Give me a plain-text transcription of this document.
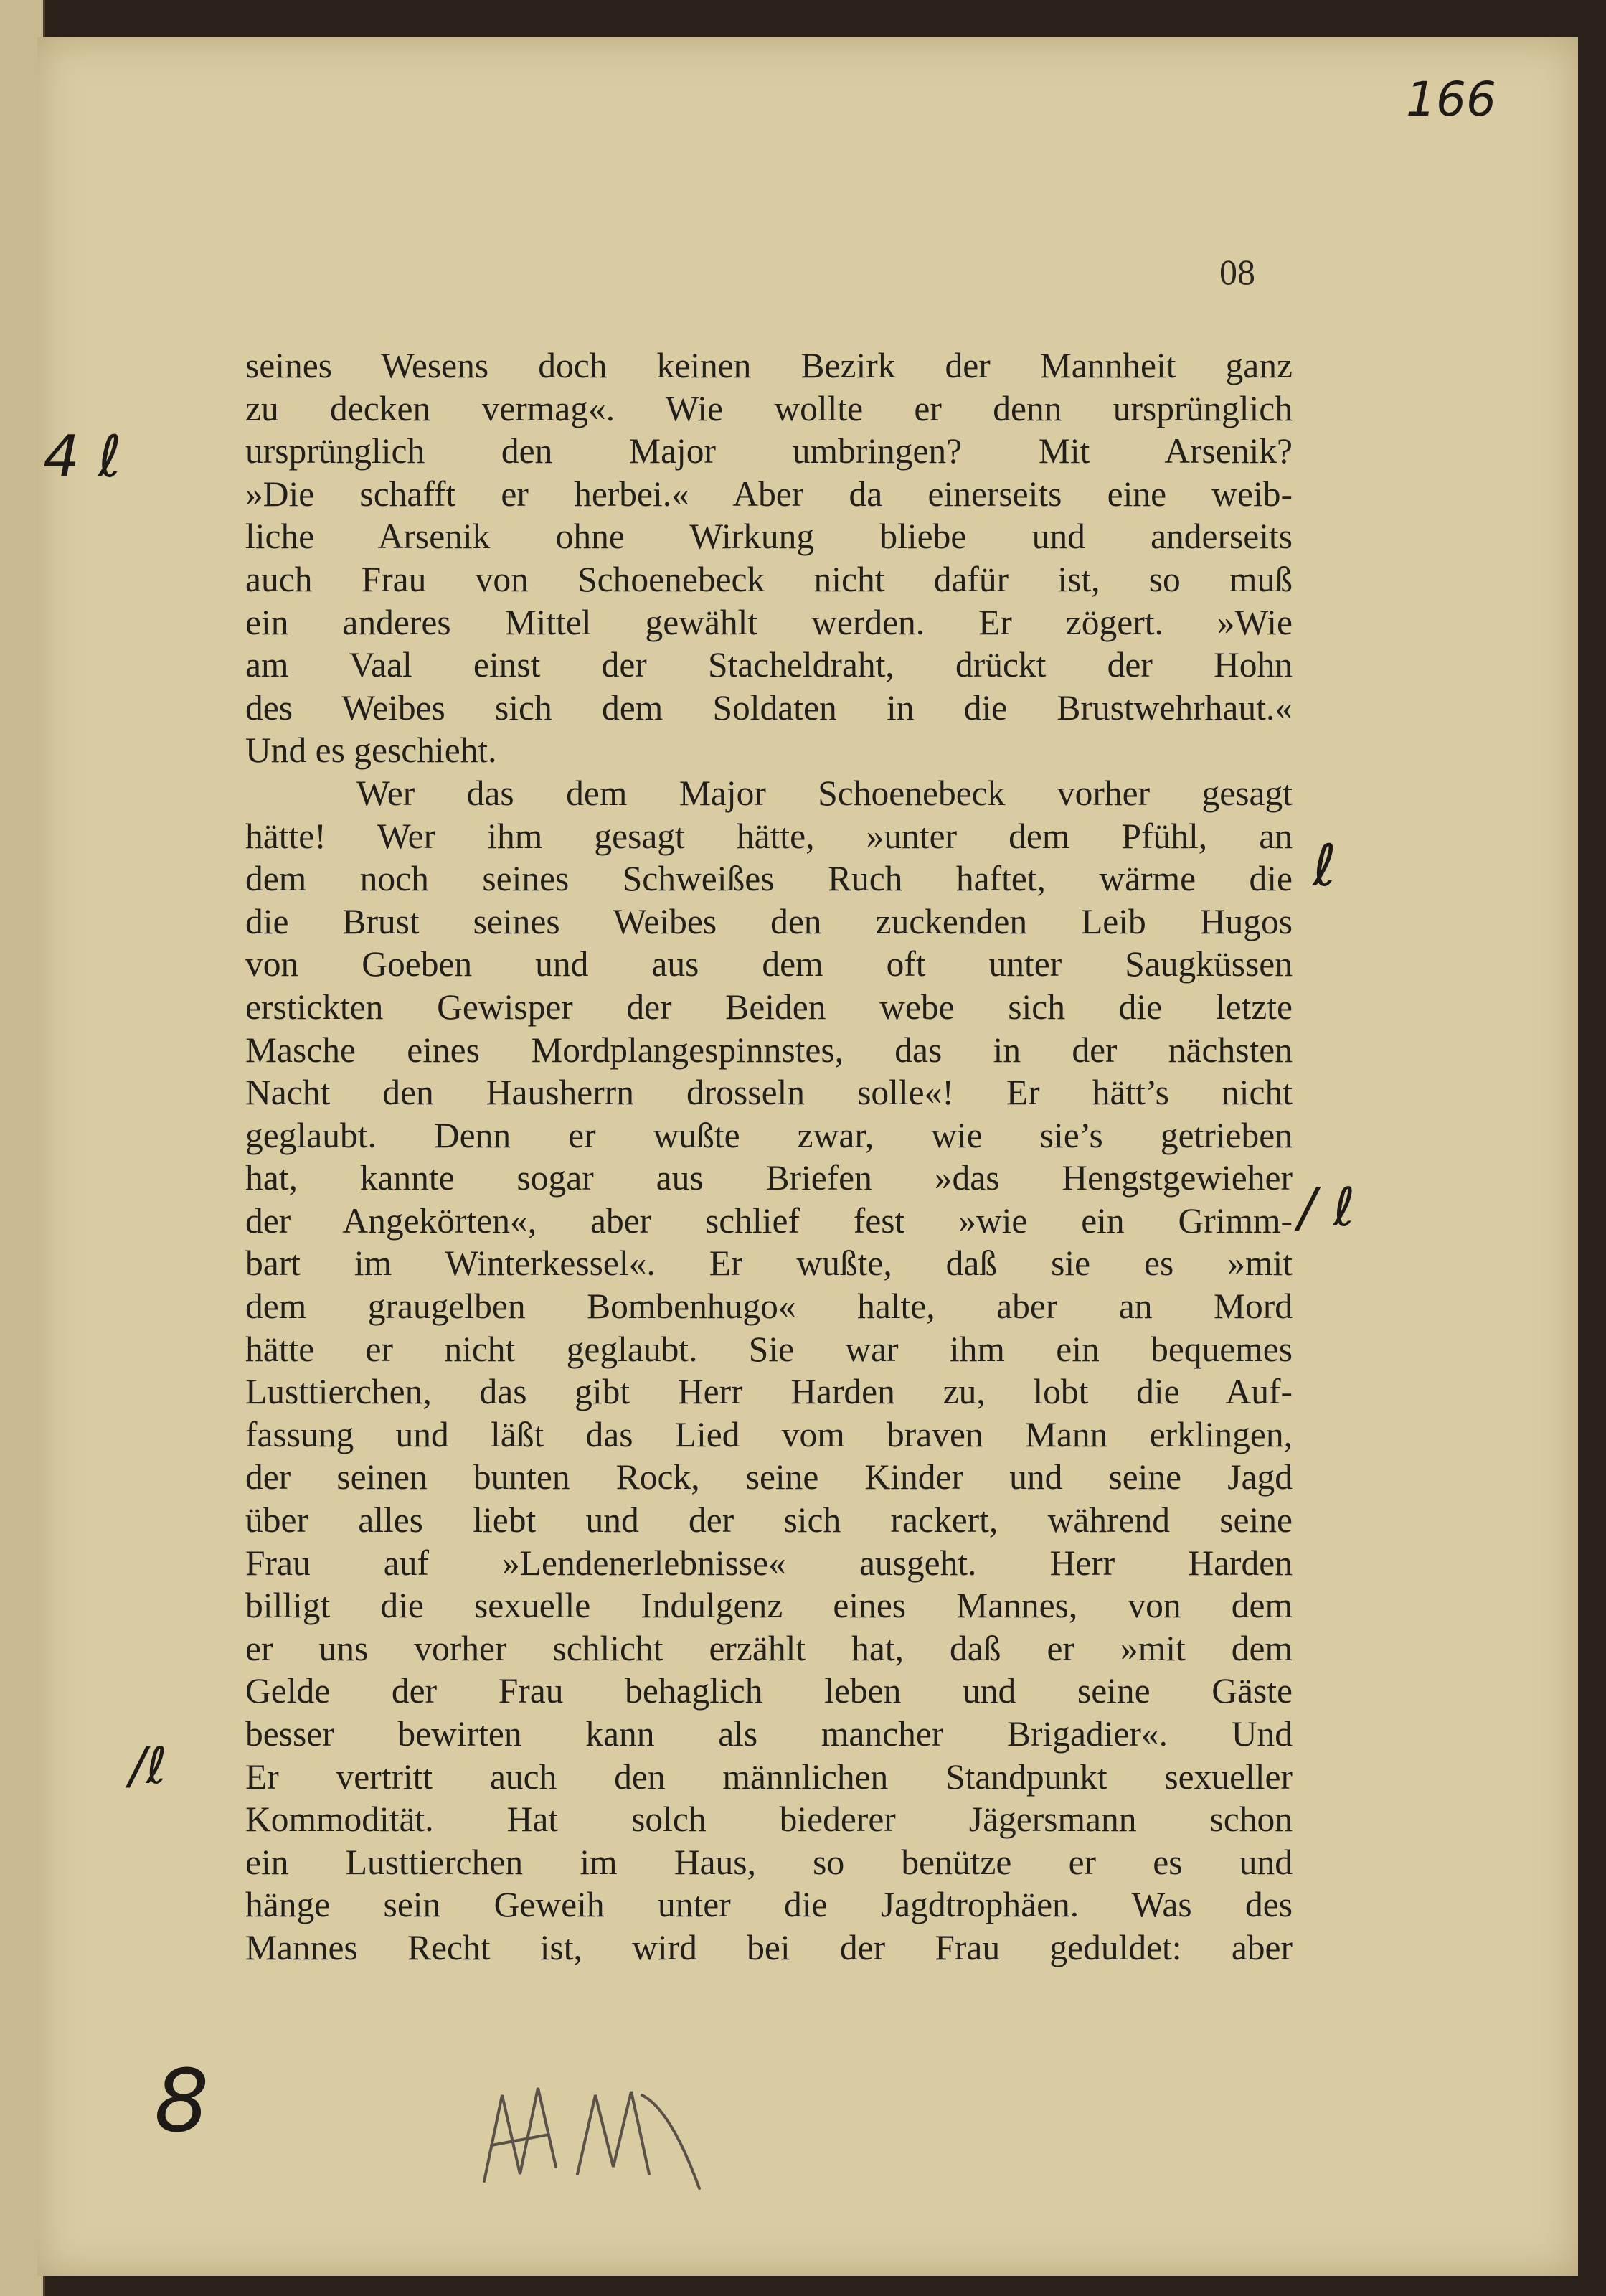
166
08
4 ℓ
ℓ
/ ℓ
/ℓ
8
seines Wesens doch keinen Bezirk der Mannheit ganz
zu decken vermag«. Wie wollte er denn ursprünglich
ursprünglich den Major umbringen? Mit Arsenik?
»Die schafft er herbei.« Aber da einerseits eine weib-
liche Arsenik ohne Wirkung bliebe und anderseits
auch Frau von Schoenebeck nicht dafür ist, so muß
ein anderes Mittel gewählt werden. Er zögert. »Wie
am Vaal einst der Stacheldraht, drückt der Hohn
des Weibes sich dem Soldaten in die Brustwehrhaut.«
Und es geschieht.
Wer das dem Major Schoenebeck vorher gesagt
hätte! Wer ihm gesagt hätte, »unter dem Pfühl, an
dem noch seines Schweißes Ruch haftet, wärme die
die Brust seines Weibes den zuckenden Leib Hugos
von Goeben und aus dem oft unter Saugküssen
erstickten Gewisper der Beiden webe sich die letzte
Masche eines Mordplangespinnstes, das in der nächsten
Nacht den Hausherrn drosseln solle«! Er hätt’s nicht
geglaubt. Denn er wußte zwar, wie sie’s getrieben
hat, kannte sogar aus Briefen »das Hengstgewieher
der Angekörten«, aber schlief fest »wie ein Grimm-
bart im Winterkessel«. Er wußte, daß sie es »mit
dem graugelben Bombenhugo« halte, aber an Mord
hätte er nicht geglaubt. Sie war ihm ein bequemes
Lusttierchen, das gibt Herr Harden zu, lobt die Auf-
fassung und läßt das Lied vom braven Mann erklingen,
der seinen bunten Rock, seine Kinder und seine Jagd
über alles liebt und der sich rackert, während seine
Frau auf »Lendenerlebnisse« ausgeht. Herr Harden
billigt die sexuelle Indulgenz eines Mannes, von dem
er uns vorher schlicht erzählt hat, daß er »mit dem
Gelde der Frau behaglich leben und seine Gäste
besser bewirten kann als mancher Brigadier«. Und
Er vertritt auch den männlichen Standpunkt sexueller
Kommodität. Hat solch biederer Jägersmann schon
ein Lusttierchen im Haus, so benütze er es und
hänge sein Geweih unter die Jagdtrophäen. Was des
Mannes Recht ist, wird bei der Frau geduldet: aber
